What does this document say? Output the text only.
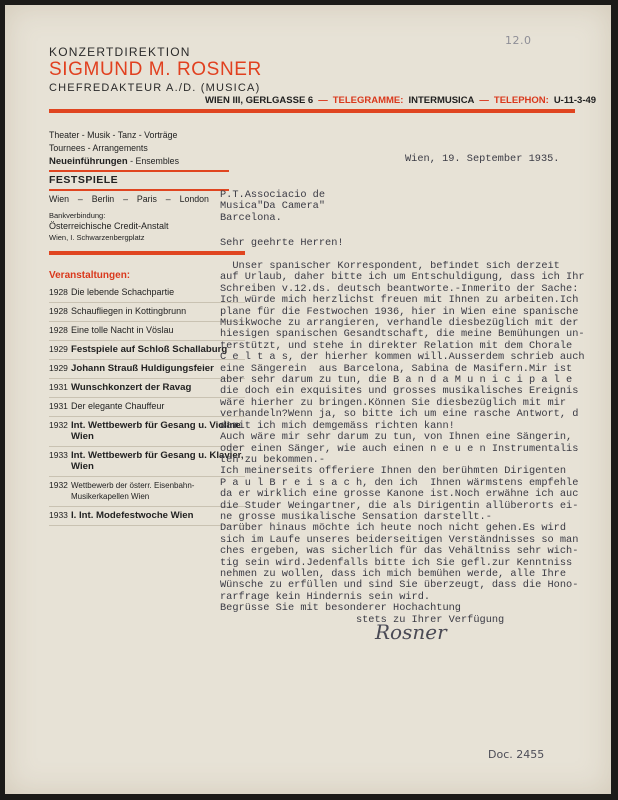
12.0
KONZERTDIREKTION
SIGMUND M. ROSNER
CHEFREDAKTEUR A./D. (MUSICA)
WIEN III, GERLGASSE 6 — TELEGRAMME: INTERMUSICA — TELEPHON: U-11-3-49
Theater - Musik - Tanz - Vorträge
Tournees - Arrangements
Neueinführungen - Ensembles
FESTSPIELE
Wien – Berlin – Paris – London
Bankverbindung:
Österreichische Credit-Anstalt
Wien, I. Schwarzenbergplatz
Veranstaltungen:
1928 Die lebende Schachpartie
1928 Schaufliegen in Kottingbrunn
1928 Eine tolle Nacht in Vöslau
1929 Festspiele auf Schloß Schallaburg
1929 Johann Strauß Huldigungsfeier
1931 Wunschkonzert der Ravag
1931 Der elegante Chauffeur
1932 Int. Wettbewerb für Gesang u. Violine Wien
1933 Int. Wettbewerb für Gesang u. Klavier, Wien
1932 Wettbewerb der österr. Eisenbahn-Musikerkapellen Wien
1933 I. Int. Modefestwoche Wien
Wien, 19. September 1935.
P.T.Associacio de
Musica"Da Camera"
Barcelona.
Sehr geehrte Herren!
Unser spanischer Korrespondent, befindet sich derzeit
auf Urlaub, daher bitte ich um Entschuldigung, dass ich Ihr
Schreiben v.12.ds. deutsch beantworte.-Inmerito der Sache:
Ich würde mich herzlichst freuen mit Ihnen zu arbeiten.Ich
plane für die Festwochen 1936, hier in Wien eine spanische
Musikwoche zu arrangieren, verhandle diesbezüglich mit der
hiesigen spanischen Gesandtschaft, die meine Bemühungen un-
terstützt, und stehe in direkter Relation mit dem Chorale
C e l t a s, der hierher kommen will.Ausserdem schrieb auch
eine Sängerein  aus Barcelona, Sabina de Masifern.Mir ist
aber sehr darum zu tun, die B a n d a M u n i c i p a l e
die doch ein exquisites und grosses musikalisches Ereignis
wäre hierher zu bringen.Können Sie diesbezüglich mit mir
verhandeln?Wenn ja, so bitte ich um eine rasche Antwort, d
damit ich mich demgemäss richten kann!
Auch wäre mir sehr darum zu tun, von Ihnen eine Sängerin,
oder einen Sänger, wie auch einen n e u e n Instrumentalis
ten zu bekommen.-
Ich meinerseits offeriere Ihnen den berühmten Dirigenten
P a u l B r e i s a c h, den ich  Ihnen wärmstens empfehle
da er wirklich eine grosse Kanone ist.Noch erwähne ich auc
die Studer Weingartner, die als Dirigentin allüberorts ei-
ne grosse musikalische Sensation darstellt.-
Darüber hinaus möchte ich heute noch nicht gehen.Es wird
sich im Laufe unseres beiderseitigen Verständnisses so man
ches ergeben, was sicherlich für das Vehältniss sehr wich-
tig sein wird.Jedenfalls bitte ich Sie gefl.zur Kenntniss
nehmen zu wollen, dass ich mich bemühen werde, alle Ihre
Wünsche zu erfüllen und sind Sie überzeugt, dass die Hono-
rarfrage kein Hindernis sein wird.
Begrüsse Sie mit besonderer Hochachtung
stets zu Ihrer Verfügung
Rosner
Doc. 2455
